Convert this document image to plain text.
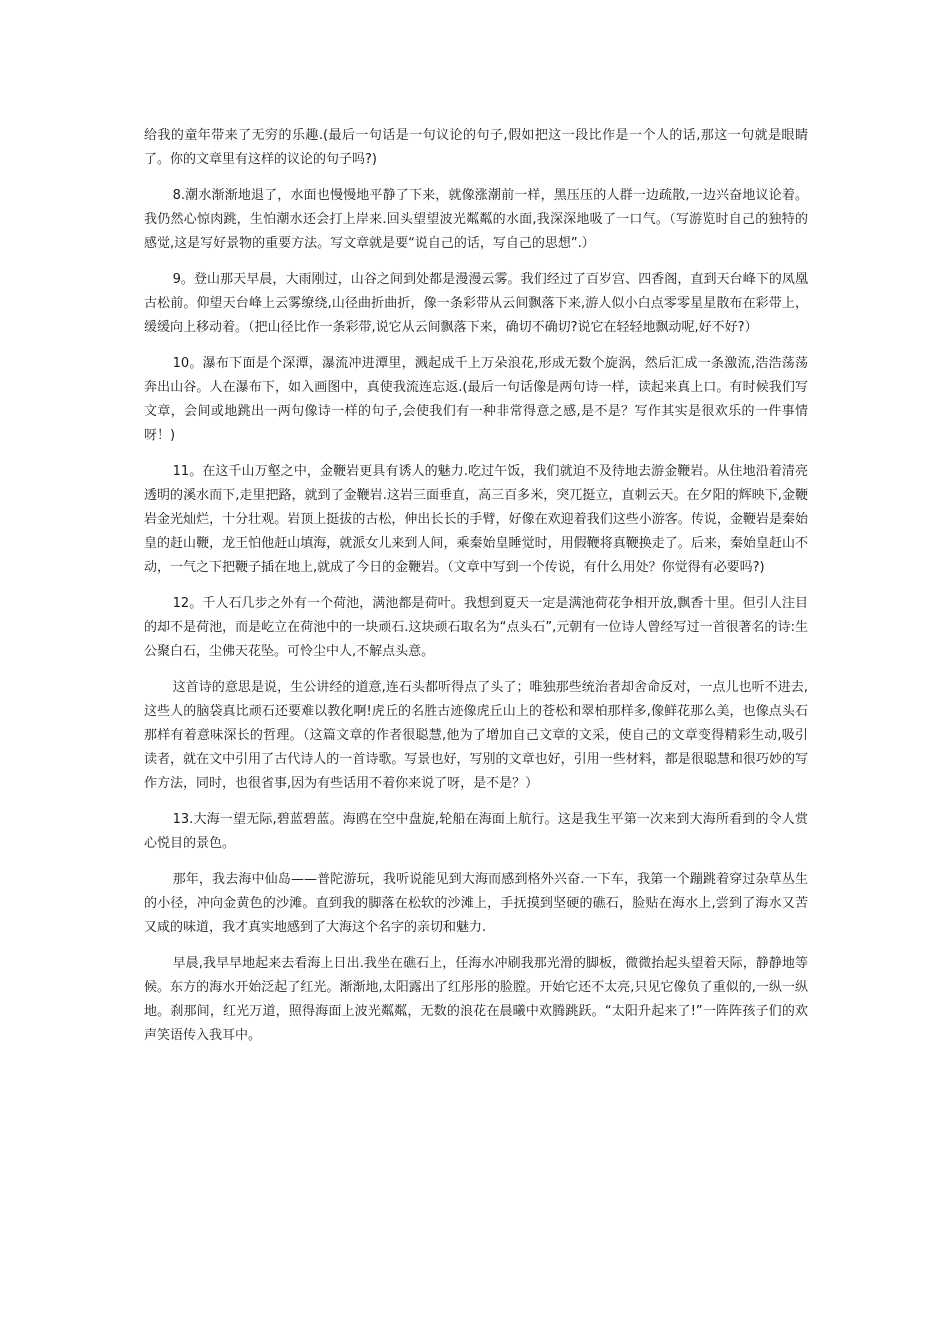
给我的童年带来了无穷的乐趣.(最后一句话是一句议论的句子,假如把这一段比作是一个人的话,那这一句就是眼睛了。你的文章里有这样的议论的句子吗?)

8.潮水渐渐地退了，水面也慢慢地平静了下来，就像涨潮前一样，黑压压的人群一边疏散,一边兴奋地议论着。我仍然心惊肉跳，生怕潮水还会打上岸来.回头望望波光粼粼的水面,我深深地吸了一口气。（写游览时自己的独特的感觉,这是写好景物的重要方法。写文章就是要“说自己的话，写自己的思想”.）

9。登山那天早晨，大雨刚过，山谷之间到处都是漫漫云雾。我们经过了百岁宫、四香阁，直到天台峰下的凤凰古松前。仰望天台峰上云雾缭绕,山径曲折曲折，像一条彩带从云间飘落下来,游人似小白点零零星星散布在彩带上，缓缓向上移动着。（把山径比作一条彩带,说它从云间飘落下来，确切不确切?说它在轻轻地飘动呢,好不好?）

10。瀑布下面是个深潭，瀑流冲进潭里，溅起成千上万朵浪花,形成无数个旋涡，然后汇成一条激流,浩浩荡荡奔出山谷。人在瀑布下，如入画图中，真使我流连忘返.(最后一句话像是两句诗一样，读起来真上口。有时候我们写文章，会间或地跳出一两句像诗一样的句子,会使我们有一种非常得意之感,是不是？写作其实是很欢乐的一件事情呀！)

11。在这千山万壑之中，金鞭岩更具有诱人的魅力.吃过午饭，我们就迫不及待地去游金鞭岩。从住地沿着清亮透明的溪水而下,走里把路，就到了金鞭岩.这岩三面垂直，高三百多米，突兀挺立，直刺云天。在夕阳的辉映下,金鞭岩金光灿烂，十分壮观。岩顶上挺拔的古松，伸出长长的手臂，好像在欢迎着我们这些小游客。传说，金鞭岩是秦始皇的赶山鞭，龙王怕他赶山填海，就派女儿来到人间，乘秦始皇睡觉时，用假鞭将真鞭换走了。后来，秦始皇赶山不动，一气之下把鞭子插在地上,就成了今日的金鞭岩。（文章中写到一个传说，有什么用处？你觉得有必要吗?)

12。千人石几步之外有一个荷池，满池都是荷叶。我想到夏天一定是满池荷花争相开放,飘香十里。但引人注目的却不是荷池，而是屹立在荷池中的一块顽石.这块顽石取名为“点头石”,元朝有一位诗人曾经写过一首很著名的诗:生公聚白石，尘佛天花坠。可怜尘中人,不解点头意。

这首诗的意思是说，生公讲经的道意,连石头都听得点了头了；唯独那些统治者却舍命反对，一点儿也听不进去,这些人的脑袋真比顽石还要难以教化啊!虎丘的名胜古迹像虎丘山上的苍松和翠柏那样多,像鲜花那么美，也像点头石那样有着意味深长的哲理。（这篇文章的作者很聪慧,他为了增加自己文章的文采，使自己的文章变得精彩生动,吸引读者，就在文中引用了古代诗人的一首诗歌。写景也好，写别的文章也好，引用一些材料，都是很聪慧和很巧妙的写作方法，同时，也很省事,因为有些话用不着你来说了呀，是不是？）

13.大海一望无际,碧蓝碧蓝。海鸥在空中盘旋,轮船在海面上航行。这是我生平第一次来到大海所看到的令人赏心悦目的景色。

那年，我去海中仙岛——普陀游玩，我听说能见到大海而感到格外兴奋.一下车，我第一个蹦跳着穿过杂草丛生的小径，冲向金黄色的沙滩。直到我的脚落在松软的沙滩上，手抚摸到坚硬的礁石，脸贴在海水上,尝到了海水又苦又咸的味道，我才真实地感到了大海这个名字的亲切和魅力.

早晨,我早早地起来去看海上日出.我坐在礁石上，任海水冲刷我那光滑的脚板，微微抬起头望着天际，静静地等候。东方的海水开始泛起了红光。渐渐地,太阳露出了红彤彤的脸膛。开始它还不太亮,只见它像负了重似的,一纵一纵地。刹那间，红光万道，照得海面上波光粼粼，无数的浪花在晨曦中欢腾跳跃。“太阳升起来了!”一阵阵孩子们的欢声笑语传入我耳中。
